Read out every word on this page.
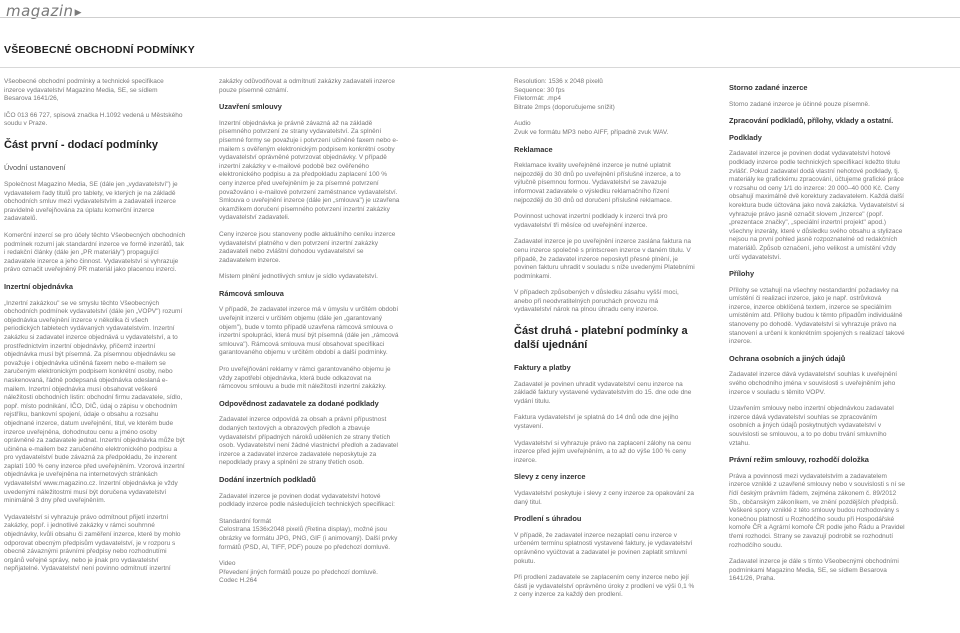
magazin▶
VŠEOBECNÉ OBCHODNÍ PODMÍNKY

Všeobecné obchodní podmínky a technické specifikace inzerce vydavatelství Magazino Media, SE, se sídlem Besarova 1641/26,

IČO 013 66 727, spisová značka H.1092 vedená u Městského soudu v Praze.

Část první - dodací podmínky
Úvodní ustanovení

Společnost Magazino Media, SE (dále jen „vydavatelství") je vydavatelem řady titulů pro tablety, ve kterých je na základě obchodních smluv mezi vydavatelstvím a zadavateli inzerce pravidelně uveřejňována za úplatu komerční inzerce zadavatelů.

Komerční inzercí se pro účely těchto Všeobecných obchodních podmínek rozumí jak standardní inzerce ve formě inzerátů, tak i redakční články (dále jen „PR materiály") propagující zadavatele inzerce a jeho činnost. Vydavatelství si vyhrazuje právo označit uveřejněný PR materiál jako placenou inzerci.

Inzertní objednávka

„Inzertní zakázkou" se ve smyslu těchto Všeobecných obchodních podmínek vydavatelství (dále jen „VOPV") rozumí objednávka uveřejnění inzerce v několika či všech periodických tabletech vydávaných vydavatelstvím. Inzertní zakázku si zadavatel inzerce objednává u vydavatelství, a to prostřednictvím inzertní objednávky, přičemž inzertní objednávka musí být písemná. Za písemnou objednávku se považuje i objednávka učiněná faxem nebo e-mailem se zaručeným elektronickým podpisem konkrétní osoby, nebo naskenovaná, řádně podepsaná objednávka odeslaná e-mailem. Inzertní objednávka musí obsahovat veškeré náležitosti obchodních listin: obchodní firmu zadavatele, sídlo, popř. místo podnikání, IČO, DIČ, údaj o zápisu v obchodním rejstříku, bankovní spojení, údaje o obsahu a rozsahu objednané inzerce, datum uveřejnění, titul, ve kterém bude inzerce uveřejněna, dohodnutou cenu a jméno osoby oprávněné za zadavatele jednat. Inzertní objednávka může být učiněna e-mailem bez zaručeného elektronického podpisu a pro vydavatelství bude závazná za předpokladu, že inzerent zaplatí 100 % ceny inzerce před uveřejněním. Vzorová inzertní objednávka je uveřejněna na internetových stránkách vydavatelství www.magazino.cz. Inzertní objednávka je vždy uvedenými náležitostmi musí být doručena vydavatelství minimálně 3 dny před uveřejněním.

Vydavatelství si vyhrazuje právo odmítnout přijetí inzertní zakázky, popř. i jednotlivé zakázky v rámci souhrnné objednávky, kvůli obsahu či zaměření inzerce, které by mohlo odporovat obecným předpisům vydavatelství, je v rozporu s obecně závaznými právními předpisy nebo rozhodnutími orgánů veřejné správy, nebo je jinak pro vydavatelství nepřijatelné. Vydavatelství není povinno odmítnutí inzertní

zakázky odůvodňovat a odmítnutí zakázky zadavateli inzerce pouze písemně oznámí.

Uzavření smlouvy

Inzertní objednávka je právně závazná až na základě písemného potvrzení ze strany vydavatelství. Za splnění písemné formy se považuje i potvrzení učiněné faxem nebo e-mailem s ověřeným elektronickým podpisem konkrétní osoby vydavatelství oprávněné potvrzovat objednávky. V případě inzertní zakázky v e-mailové podobě bez ověřeného elektronického podpisu a za předpokladu zaplacení 100 % ceny inzerce před uveřejněním je za písemné potvrzení považováno i e-mailové potvrzení zaměstnance vydavatelství. Smlouva o uveřejnění inzerce (dále jen „smlouva") je uzavřena okamžikem doručení písemného potvrzení inzertní zakázky vydavatelství zadavateli.

Ceny inzerce jsou stanoveny podle aktuálního ceníku inzerce vydavatelství platného v den potvrzení inzertní zakázky zadavateli nebo zvláštní dohodou vydavatelství se zadavatelem inzerce.

Místem plnění jednotlivých smluv je sídlo vydavatelství.

Rámcová smlouva

V případě, že zadavatel inzerce má v úmyslu v určitém období uveřejnit inzerci v určitém objemu (dále jen „garantovaný objem"), bude v tomto případě uzavřena rámcová smlouva o inzertní spolupráci, která musí být písemná (dále jen „rámcová smlouva"). Rámcová smlouva musí obsahovat specifikaci garantovaného objemu v určitém období a další podmínky.

Pro uveřejňování reklamy v rámci garantovaného objemu je vždy zapotřebí objednávka, která bude odkazovat na rámcovou smlouvu a bude mít náležitosti inzertní zakázky.

Odpovědnost zadavatele za dodané podklady

Zadavatel inzerce odpovídá za obsah a právní přípustnost dodaných textových a obrazových předloh a zbavuje vydavatelství případných nároků uděleních ze strany třetích osob. Vydavatelství není žádné vlastnictví předloh a zadavatel inzerce a zadavatel inzerce zadavatele neposkytuje za nepodklady pravy a splnění ze strany třetích osob.

Dodání inzertních podkladů

Zadavatel inzerce je povinen dodat vydavatelství hotové podklady inzerce podle následujících technických specifikací:

Standardní formát
Celostrana 1536x2048 pixelů (Retina display), možné jsou obrázky ve formátu JPG, PNG, GIF (i animovaný). Další prvky formátů (PSD, AI, TIFF, PDF) pouze po předchozí domluvě.

Video
Převedení jiných formátů pouze po předchozí domluvě.
Codec H.264

Resolution: 1536 x 2048 pixelů
Sequence: 30 fps
Filetormát: .mp4
Bitrate 2mps (doporučujeme snížit)

Audio
Zvuk ve formátu MP3 nebo AIFF, případně zvuk WAV.

Reklamace

Reklamace kvality uveřejněné inzerce je nutné uplatnit nejpozději do 30 dnů po uveřejnění příslušné inzerce, a to výlučně písemnou formou. Vydavatelství se zavazuje informovat zadavatele o výsledku reklamačního řízení nejpozději do 30 dnů od doručení příslušné reklamace.

Povinnost uchovat inzertní podklady k inzerci trvá pro vydavatelství tři měsíce od uveřejnění inzerce.

Zadavatel inzerce je po uveřejnění inzerce zaslána faktura na cenu inzerce společně s printscreen inzerce v daném titulu. V případě, že zadavatel inzerce neposkytl přesné plnění, je povinen fakturu uhradit v souladu s níže uvedenými Platebními podmínkami.

V případech způsobených v důsledku zásahu vyšší moci, anebo při neodvratitelných poruchách provozu má vydavatelství nárok na plnou úhradu ceny inzerce.

Část druhá - platební podmínky a další ujednání
Faktury a platby

Zadavatel je povinen uhradit vydavatelství cenu inzerce na základě faktury vystavené vydavatelstvím do 15. dne ode dne vydání titulu.

Faktura vydavatelství je splatná do 14 dnů ode dne jejího vystavení.

Vydavatelství si vyhrazuje právo na zaplacení zálohy na cenu inzerce před jejím uveřejněním, a to až do výše 100 % ceny inzerce.

Slevy z ceny inzerce

Vydavatelství poskytuje i slevy z ceny inzerce za opakování za daný titul.

Prodlení s úhradou

V případě, že zadavatel inzerce nezaplatí cenu inzerce v určeném termínu splatnosti vystavené faktury, je vydavatelství oprávněno vyúčtovat a zadavatel je povinen zaplatit smluvní pokutu.

Při prodlení zadavatele se zaplacením ceny inzerce nebo její části je vydavatelství oprávněno úroky z prodlení ve výši 0,1 % z ceny inzerce za každý den prodlení.

Storno zadané inzerce

Storno zadané inzerce je účinné pouze písemně.

Zpracování podkladů, přílohy, vklady a ostatní.
Podklady

Zadavatel inzerce je povinen dodat vydavatelství hotové podklady inzerce podle technických specifikací kdežto titulu zvlášť. Pokud zadavatel dodá vlastní nehotové podklady, tj. materiály ke grafickému zpracování, účtujeme grafické práce v rozsahu od ceny 1/1 do inzerce: 20 000–40 000 Kč. Ceny obsahují maximálně dvě korektury zadavatelem. Každá další korektura bude účtována jako nová zakázka. Vydavatelství si vyhrazuje právo jasně označit slovem „Inzerce" (popř. „prezentace značky", „speciální inzertní projekt" apod.) všechny inzeráty, které v důsledku svého obsahu a stylizace nejsou na první pohled jasně rozpoznatelné od redakčních materiálů. Způsob označení, jeho velikost a umístění vždy určí vydavatelství.

Přílohy

Přílohy se vztahují na všechny nestandardní požadavky na umístění či realizaci inzerce, jako je např. ostrůvková inzerce, inzerce obklíčená textem, inzerce se speciálním umístěním atd. Přílohy budou k těmto případům individuálně stanoveny po dohodě. Vydavatelství si vyhrazuje právo na stanovení a určení k konkrétním spojených s realizací takové inzerce.

Ochrana osobních a jiných údajů

Zadavatel inzerce dává vydavatelství souhlas k uveřejnění svého obchodního jména v souvislosti s uveřejněním jeho inzerce v souladu s těmito VOPV.

Uzavřením smlouvy nebo inzertní objednávkou zadavatel inzerce dává vydavatelství souhlas se zpracováním osobních a jiných údajů poskytnutých vydavatelství v souvislosti se smlouvou, a to po dobu trvání smluvního vztahu.

Právní režim smlouvy, rozhodčí doložka

Práva a povinnosti mezi vydavatelstvím a zadavatelem inzerce vzniklé z uzavřené smlouvy nebo v souvislosti s ní se řídí českým právním řádem, zejména zákonem č. 89/2012 Sb., občanským zákoníkem, ve znění pozdějších předpisů. Veškeré spory vzniklé z této smlouvy budou rozhodovány s konečnou platností u Rozhodčího soudu při Hospodářské komoře ČR a Agrární komoře ČR podle jeho Řádu a Pravidel třemi rozhodci. Strany se zavazují podrobit se rozhodnutí rozhodčího soudu.

Zadavatel inzerce je dále s tímto Všeobecnými obchodními podmínkami Magazino Media, SE, se sídlem Besarova 1641/26, Praha.
